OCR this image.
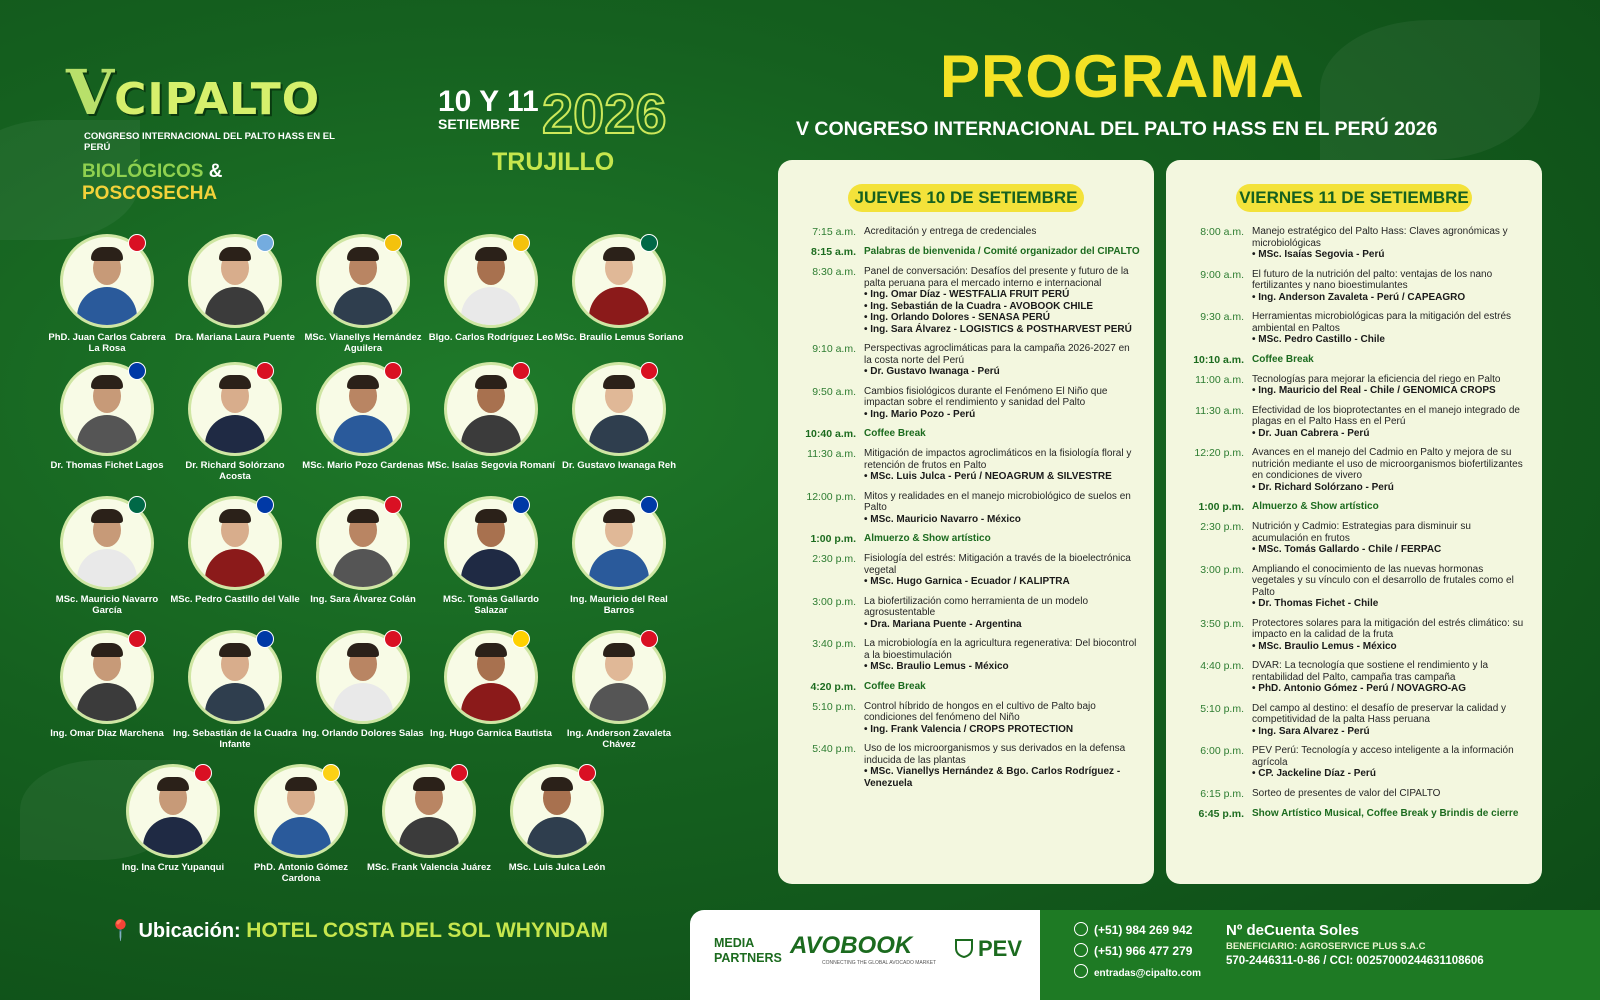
VCIPALTO
CONGRESO INTERNACIONAL DEL PALTO HASS EN EL PERÚ
BIOLÓGICOS & POSCOSECHA
10 Y 11
SETIEMBRE 2026
TRUJILLO
PhD. Juan Carlos Cabrera La Rosa
Dra. Mariana Laura Puente	MSc. Vianellys Hernández Aguilera
Blgo. Carlos Rodríguez Leo MSc. Braulio Lemus Soriano
Dr. Thomas Fichet Lagos	Dr. Richard Solórzano Acosta
MSc. Mario Pozo Cardenas MSc. Isaías Segovia Romaní Dr. Gustavo Iwanaga Reh
MSc. Mauricio Navarro García
MSc. Pedro Castillo del Valle	Ing. Sara Álvarez Colán	MSc. Tomás Gallardo Salazar
Ing. Mauricio del Real Barros
Ing. Omar Díaz Marchena Ing. Sebastián de la Cuadra Infante
Ing. Orlando Dolores Salas Ing. Hugo Garnica Bautista	Ing. Anderson Zavaleta Chávez
Ing. Ina Cruz Yupanqui	PhD. Antonio Gómez Cardona
MSc. Frank Valencia Juárez	MSc. Luis Julca León
PROGRAMA
V CONGRESO INTERNACIONAL DEL PALTO HASS EN EL PERÚ 2026
JUEVES 10 DE SETIEMBRE
7:15 a.m. Acreditación y entrega de credenciales
8:15 a.m. Palabras de bienvenida / Comité organizador del CIPALTO
8:30 a.m. Panel de conversación: Desafíos del presente y futuro de la palta peruana para el mercado interno e internacional
• Ing. Omar Díaz - WESTFALIA FRUIT PERÚ
• Ing. Sebastián de la Cuadra - AVOBOOK CHILE
• Ing. Orlando Dolores - SENASA PERÚ
• Ing. Sara Álvarez - LOGISTICS & POSTHARVEST PERÚ
9:10 a.m. Perspectivas agroclimáticas para la campaña 2026-2027 en la costa norte del Perú
• Dr. Gustavo Iwanaga - Perú
9:50 a.m. Cambios fisiológicos durante el Fenómeno El Niño que impactan sobre el rendimiento y sanidad del Palto
• Ing. Mario Pozo - Perú
10:40 a.m. Coffee Break
11:30 a.m. Mitigación de impactos agroclimáticos en la fisiología floral y retención de frutos en Palto
• MSc. Luis Julca - Perú / NEOAGRUM & SILVESTRE
12:00 p.m. Mitos y realidades en el manejo microbiológico de suelos en Palto
• MSc. Mauricio Navarro - México
1:00 p.m. Almuerzo & Show artístico
2:30 p.m. Fisiología del estrés: Mitigación a través de la bioelectrónica vegetal
• MSc. Hugo Garnica - Ecuador / KALIPTRA
3:00 p.m. La biofertilización como herramienta de un modelo agrosustentable
• Dra. Mariana Puente - Argentina
3:40 p.m. La microbiología en la agricultura regenerativa: Del biocontrol a la bioestimulación
• MSc. Braulio Lemus - México
4:20 p.m. Coffee Break
5:10 p.m. Control híbrido de hongos en el cultivo de Palto bajo condiciones del fenómeno del Niño
• Ing. Frank Valencia / CROPS PROTECTION
5:40 p.m. Uso de los microorganismos y sus derivados en la defensa inducida de las plantas
• MSc. Vianellys Hernández & Bgo. Carlos Rodríguez - Venezuela
VIERNES 11 DE SETIEMBRE
8:00 a.m. Manejo estratégico del Palto Hass: Claves agronómicas y microbiológicas
• MSc. Isaías Segovia - Perú
9:00 a.m. El futuro de la nutrición del palto: ventajas de los nano fertilizantes y nano bioestimulantes
• Ing. Anderson Zavaleta - Perú / CAPEAGRO
9:30 a.m. Herramientas microbiológicas para la mitigación del estrés ambiental en Paltos
• MSc. Pedro Castillo - Chile
10:10 a.m. Coffee Break
11:00 a.m. Tecnologías para mejorar la eficiencia del riego en Palto
• Ing. Mauricio del Real - Chile / GENOMICA CROPS
11:30 a.m. Efectividad de los bioprotectantes en el manejo integrado de plagas en el Palto Hass en el Perú
• Dr. Juan Cabrera - Perú
12:20 p.m. Avances en el manejo del Cadmio en Palto y mejora de su nutrición mediante el uso de microorganismos biofertilizantes en condiciones de vivero
• Dr. Richard Solórzano - Perú
1:00 p.m. Almuerzo & Show artístico
2:30 p.m. Nutrición y Cadmio: Estrategias para disminuir su acumulación en frutos
• MSc. Tomás Gallardo - Chile / FERPAC
3:00 p.m. Ampliando el conocimiento de las nuevas hormonas vegetales y su vínculo con el desarrollo de frutales como el Palto
• Dr. Thomas Fichet - Chile
3:50 p.m. Protectores solares para la mitigación del estrés climático: su impacto en la calidad de la fruta
• MSc. Braulio Lemus - México
4:40 p.m. DVAR: La tecnología que sostiene el rendimiento y la rentabilidad del Palto, campaña tras campaña
• PhD. Antonio Gómez - Perú / NOVAGRO-AG
5:10 p.m. Del campo al destino: el desafío de preservar la calidad y competitividad de la palta Hass peruana
• Ing. Sara Alvarez - Perú
6:00 p.m. PEV Perú: Tecnología y acceso inteligente a la información agrícola
• CP. Jackeline Díaz - Perú
6:15 p.m. Sorteo de presentes de valor del CIPALTO
6:45 p.m. Show Artístico Musical, Coffee Break y Brindis de cierre
📍 Ubicación: HOTEL COSTA DEL SOL WHYNDAM
MEDIA PARTNERS AVOBOOK
CONNECTING THE GLOBAL AVOCADO MARKET
PEV
(+51) 984 269 942
(+51) 966 477 279
entradas@cipalto.com
Nº deCuenta Soles
BENEFICIARIO: AGROSERVICE PLUS S.A.C
570-2446311-0-86 / CCI: 00257000244631108606
